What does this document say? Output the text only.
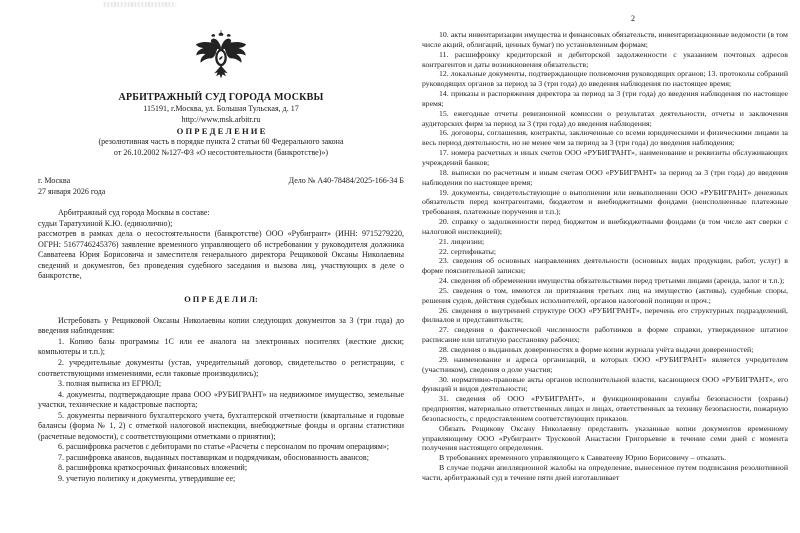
АРБИТРАЖНЫЙ СУД ГОРОДА МОСКВЫ
115191, г.Москва, ул. Большая Тульская, д. 17
http://www.msk.arbitr.ru
О П Р Е Д Е Л Е Н И Е
(резолютивная часть в порядке пункта 2 статьи 60 Федерального закона
от 26.10.2002 №127-ФЗ «О несостоятельности (банкротстве)»)
г. Москва
27 января 2026 года
Дело № А40-78484/2025-166-34 Б

Арбитражный суд города Москвы в составе:

судьи Таратухиной К.Ю. (единолично);

рассмотрев в рамках дела о несостоятельности (банкротстве) ООО «Рубигрант» (ИНН: 9715279220, ОГРН: 5167746245376) заявление временного управляющего об истребовании у руководителя должника Савватеева Юрия Борисовича и заместителя генерального директора Рещиковой Оксаны Николаевны сведений и документов, без проведения судебного заседания и вызова лиц, участвующих в деле о банкротстве,

О П Р Е Д Е Л И Л:

Истребовать у Рещиковой Оксаны Николаевны копии следующих документов за 3 (три года) до введения наблюдения:

1. Копию базы программы 1С или ее аналога на электронных носителях (жесткие диски; компьютеры и т.п.);

2. учредительные документы (устав, учредительный договор, свидетельство о регистрации, с соответствующими изменениями, если таковые производились);

3. полная выписка из ЕГРЮЛ;

4. документы, подтверждающие права ООО «РУБИГРАНТ» на недвижимое имущество, земельные участки, технические и кадастровые паспорта;

5. документы первичного бухгалтерского учета, бухгалтерской отчетности (квартальные и годовые балансы (форма № 1, 2) с отметкой налоговой инспекции, внебюджетные фонды и органы статистики (расчетные ведомости), с соответствующими отметками о принятии);

6. расшифровка расчетов с дебиторами по статье «Расчеты с персоналом по прочим операциям»;

7. расшифровка авансов, выданных поставщикам и подрядчикам, обоснованность авансов;

8. расшифровка краткосрочных финансовых вложений;

9. учетную политику и документы, утвердившие ее;

2

10. акты инвентаризации имущества и финансовых обязательств, инвентаризационные ведомости (в том числе акций, облигаций, ценных бумаг) по установленным формам;

11. расшифровку кредиторской и дебиторской задолженности с указанием почтовых адресов контрагентов и даты возникновения обязательств;

12. локальные документы, подтверждающие полномочия руководящих органов; 13. протоколы собраний руководящих органов за период за 3 (три года) до введения наблюдения по настоящее время;

14. приказы и распоряжения директора за период за 3 (три года) до введения наблюдения по настоящее время;

15. ежегодные отчеты ревизионной комиссии о результатах деятельности, отчеты и заключения аудиторских фирм за период за 3 (три года) до введения наблюдения;

16. договоры, соглашения, контракты, заключенные со всеми юридическими и физическими лицами за весь период деятельности, но не менее чем за период за 3 (три года) до введения наблюдения;

17. номера расчетных и иных счетов ООО «РУБИГРАНТ», наименование и реквизиты обслуживающих учреждений банков;

18. выписки по расчетным и иным счетам ООО «РУБИГРАНТ» за период за 3 (три года) до введения наблюдения по настоящее время;

19. документы, свидетельствующие о выполнении или невыполнении ООО «РУБИГРАНТ» денежных обязательств перед контрагентами, бюджетом и внебюджетными фондами (неисполненные платежные требования, платежные поручения и т.п.);

20. справку о задолженности перед бюджетом и внебюджетными фондами (в том числе акт сверки с налоговой инспекцией);

21. лицензии;

22. сертификаты;

23. сведения об основных направлениях деятельности (основных видах продукции, работ, услуг) в форме пояснительной записки;

24. сведения об обременении имущества обязательствами перед третьими лицами (аренда, залог и т.п.);

25. сведения о том, имеются ли притязания третьих лиц на имущество (активы), судебные споры, решения судов, действия судебных исполнителей, органов налоговой полиции и проч.;

26. сведения о внутренней структуре ООО «РУБИГРАНТ», перечень его структурных подразделений, филиалов и представительств;

27. сведения о фактической численности работников в форме справки, утвержденное штатное расписание или штатную расстановку рабочих;

28. сведения о выданных доверенностях в форме копии журнала учёта выдачи доверенностей;

29. наименование и адреса организаций, в которых ООО «РУБИГРАНТ» является учредителем (участником), сведения о доле участия;

30. нормативно-правовые акты органов исполнительной власти, касающиеся ООО «РУБИГРАНТ», его функций и видов деятельности;

31. сведения об ООО «РУБИГРАНТ», и функционировании службы безопасности (охраны) предприятия, материально ответственных лицах и лицах, ответственных за технику безопасности, пожарную безопасность, с предоставлением соответствующих приказов.

Обязать Рещикову Оксану Николаевну представить указанные копии документов временному управляющему ООО «Рубигрант» Трусковой Анастасии Григорьевне в течение семи дней с момента получения настоящего определения.

В требованиях временного управляющего к Савватееву Юрию Борисовичу – отказать.

В случае подачи апелляционной жалобы на определение, вынесенное путем подписания резолютивной части, арбитражный суд в течение пяти дней изготавливает
